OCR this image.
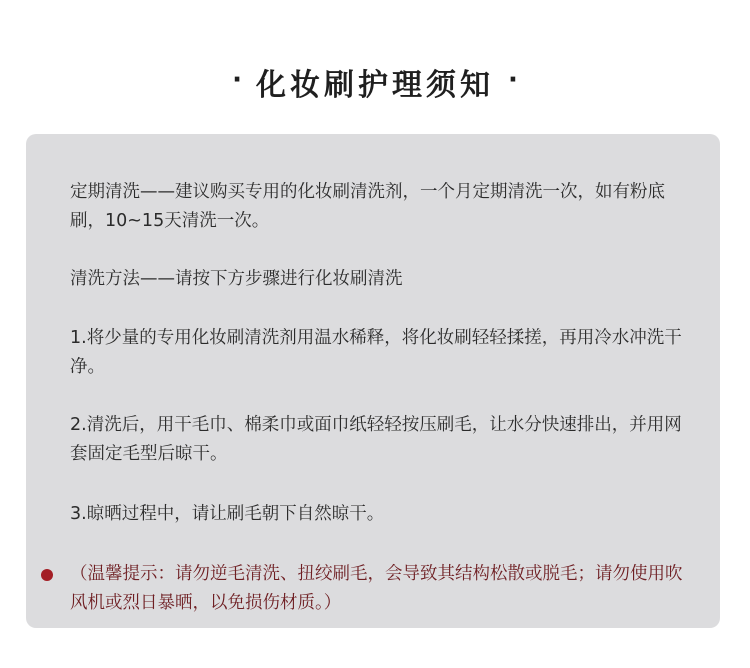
· 化妆刷护理须知 ·
定期清洗——建议购买专用的化妆刷清洗剂，一个月定期清洗一次，如有粉底刷，10~15天清洗一次。
清洗方法——请按下方步骤进行化妆刷清洗
1.将少量的专用化妆刷清洗剂用温水稀释，将化妆刷轻轻揉搓，再用冷水冲洗干净。
2.清洗后，用干毛巾、棉柔巾或面巾纸轻轻按压刷毛，让水分快速排出，并用网套固定毛型后晾干。
3.晾晒过程中，请让刷毛朝下自然晾干。
（温馨提示：请勿逆毛清洗、扭绞刷毛，会导致其结构松散或脱毛；请勿使用吹风机或烈日暴晒，以免损伤材质。）
